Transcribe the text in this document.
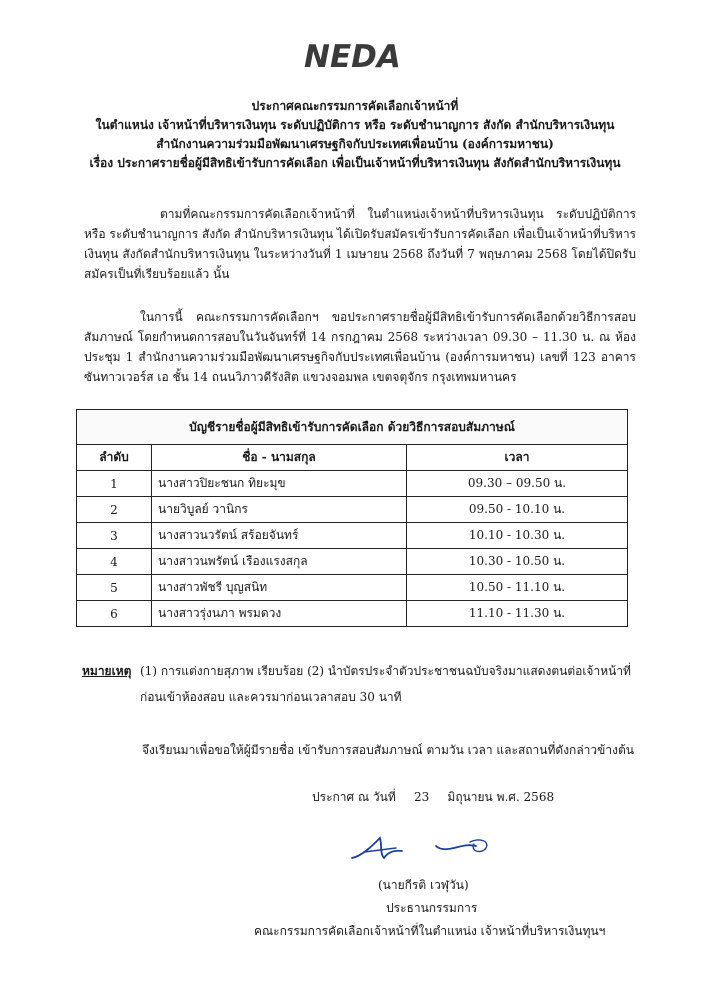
NEDA
ประกาศคณะกรรมการคัดเลือกเจ้าหน้าที่
ในตำแหน่ง เจ้าหน้าที่บริหารเงินทุน ระดับปฏิบัติการ หรือ ระดับชำนาญการ สังกัด สำนักบริหารเงินทุน
สำนักงานความร่วมมือพัฒนาเศรษฐกิจกับประเทศเพื่อนบ้าน (องค์การมหาชน)
เรื่อง ประกาศรายชื่อผู้มีสิทธิเข้ารับการคัดเลือก เพื่อเป็นเจ้าหน้าที่บริหารเงินทุน สังกัดสำนักบริหารเงินทุน
ตามที่คณะกรรมการคัดเลือกเจ้าหน้าที่ ในตำแหน่งเจ้าหน้าที่บริหารเงินทุน ระดับปฏิบัติการ หรือ ระดับชำนาญการ สังกัด สำนักบริหารเงินทุน ได้เปิดรับสมัครเข้ารับการคัดเลือก เพื่อเป็นเจ้าหน้าที่บริหารเงินทุน สังกัดสำนักบริหารเงินทุน ในระหว่างวันที่ 1 เมษายน 2568 ถึงวันที่ 7 พฤษภาคม 2568 โดยได้ปิดรับสมัครเป็นที่เรียบร้อยแล้ว นั้น
ในการนี้ คณะกรรมการคัดเลือกฯ ขอประกาศรายชื่อผู้มีสิทธิเข้ารับการคัดเลือกด้วยวิธีการสอบสัมภาษณ์ โดยกำหนดการสอบในวันจันทร์ที่ 14 กรกฎาคม 2568 ระหว่างเวลา 09.30 – 11.30 น. ณ ห้องประชุม 1 สำนักงานความร่วมมือพัฒนาเศรษฐกิจกับประเทศเพื่อนบ้าน (องค์การมหาชน) เลขที่ 123 อาคารซันทาวเวอร์ส เอ ชั้น 14 ถนนวิภาวดีรังสิต แขวงจอมพล เขตจตุจักร กรุงเทพมหานคร
บัญชีรายชื่อผู้มีสิทธิเข้ารับการคัดเลือก ด้วยวิธีการสอบสัมภาษณ์		
ลำดับ	ชื่อ - นามสกุล	เวลา
1	นางสาวปิยะชนก ทิยะมุข	09.30 – 09.50 น.
2	นายวิบูลย์ วานิกร	09.50 - 10.10 น.
3	นางสาวนวรัตน์ สร้อยจันทร์	10.10 - 10.30 น.
4	นางสาวนพรัตน์ เรืองแรงสกุล	10.30 - 10.50 น.
5	นางสาวพัชรี บุญสนิท	10.50 - 11.10 น.
6	นางสาวรุ่งนภา พรมดวง	11.10 - 11.30 น.
หมายเหตุ (1) การแต่งกายสุภาพ เรียบร้อย (2) นำบัตรประจำตัวประชาชนฉบับจริงมาแสดงตนต่อเจ้าหน้าที่
ก่อนเข้าห้องสอบ และควรมาก่อนเวลาสอบ 30 นาที
จึงเรียนมาเพื่อขอให้ผู้มีรายชื่อ เข้ารับการสอบสัมภาษณ์ ตามวัน เวลา และสถานที่ดังกล่าวข้างต้น
ประกาศ ณ วันที่ 23 มิถุนายน พ.ศ. 2568
(นายกีรติ เวฬุวัน)
ประธานกรรมการ
คณะกรรมการคัดเลือกเจ้าหน้าที่ในตำแหน่ง เจ้าหน้าที่บริหารเงินทุนฯ
